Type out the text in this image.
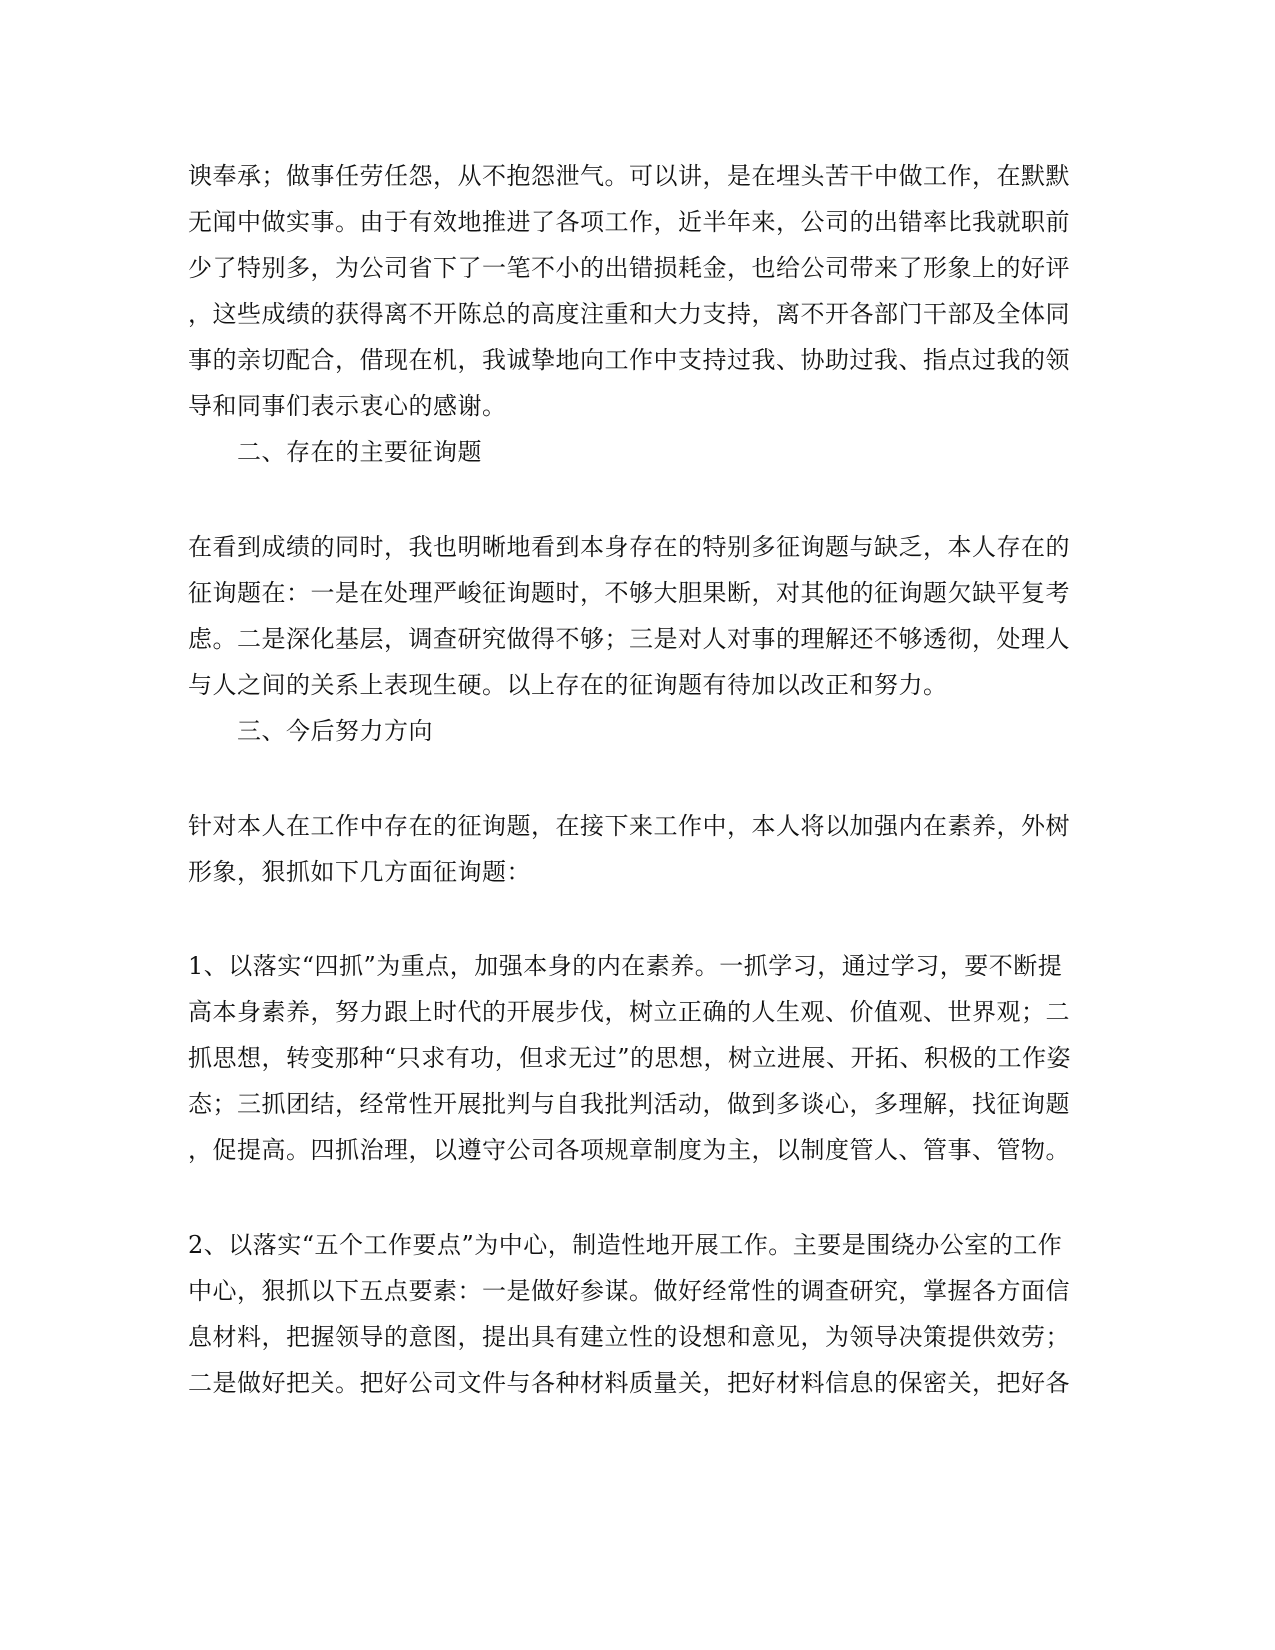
谀奉承；做事任劳任怨，从不抱怨泄气。可以讲，是在埋头苦干中做工作，在默默
无闻中做实事。由于有效地推进了各项工作，近半年来，公司的出错率比我就职前
少了特别多，为公司省下了一笔不小的出错损耗金，也给公司带来了形象上的好评
，这些成绩的获得离不开陈总的高度注重和大力支持，离不开各部门干部及全体同
事的亲切配合，借现在机，我诚挚地向工作中支持过我、协助过我、指点过我的领
导和同事们表示衷心的感谢。
二、存在的主要征询题
在看到成绩的同时，我也明晰地看到本身存在的特别多征询题与缺乏，本人存在的
征询题在：一是在处理严峻征询题时，不够大胆果断，对其他的征询题欠缺平复考
虑。二是深化基层，调查研究做得不够；三是对人对事的理解还不够透彻，处理人
与人之间的关系上表现生硬。以上存在的征询题有待加以改正和努力。
三、今后努力方向
针对本人在工作中存在的征询题，在接下来工作中，本人将以加强内在素养，外树
形象，狠抓如下几方面征询题：
1、以落实“四抓”为重点，加强本身的内在素养。一抓学习，通过学习，要不断提
高本身素养，努力跟上时代的开展步伐，树立正确的人生观、价值观、世界观；二
抓思想，转变那种“只求有功，但求无过”的思想，树立进展、开拓、积极的工作姿
态；三抓团结，经常性开展批判与自我批判活动，做到多谈心，多理解，找征询题
，促提高。四抓治理，以遵守公司各项规章制度为主，以制度管人、管事、管物。
2、以落实“五个工作要点”为中心，制造性地开展工作。主要是围绕办公室的工作
中心，狠抓以下五点要素：一是做好参谋。做好经常性的调查研究，掌握各方面信
息材料，把握领导的意图，提出具有建立性的设想和意见，为领导决策提供效劳；
二是做好把关。把好公司文件与各种材料质量关，把好材料信息的保密关，把好各
